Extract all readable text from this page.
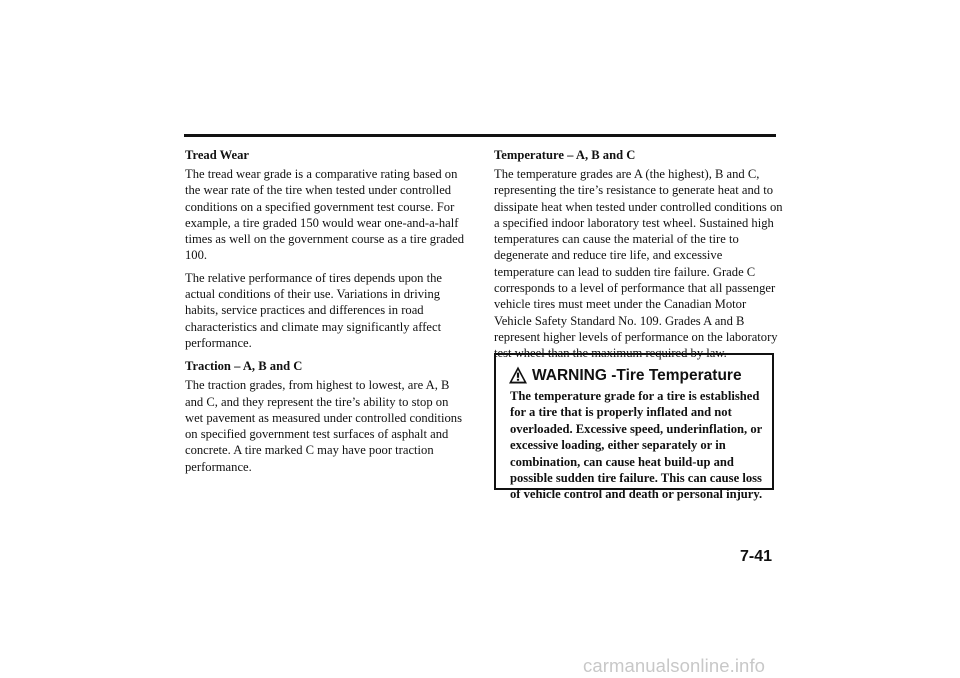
Tread Wear

The tread wear grade is a comparative rating based on the wear rate of the tire when tested under controlled conditions on a specified government test course. For example, a tire graded 150 would wear one-and-a-half times as well on the government course as a tire graded 100.

The relative performance of tires depends upon the actual conditions of their use. Variations in driving habits, service practices and differences in road characteristics and climate may significantly affect performance.

Traction – A, B and C

The traction grades, from highest to lowest, are A, B and C, and they represent the tire’s ability to stop on wet pavement as measured under controlled conditions on specified government test surfaces of asphalt and concrete. A tire marked C may have poor traction performance.

Temperature – A, B and C

The temperature grades are A (the highest), B and C, representing the tire’s resistance to generate heat and to dissipate heat when tested under controlled conditions on a specified indoor laboratory test wheel. Sustained high temperatures can cause the material of the tire to degenerate and reduce tire life, and excessive temperature can lead to sudden tire failure. Grade C corresponds to a level of performance that all passenger vehicle tires must meet under the Canadian Motor Vehicle Safety Standard No. 109. Grades A and B represent higher levels of performance on the laboratory test wheel than the maximum required by law.

WARNING -Tire Temperature
The temperature grade for a tire is established for a tire that is properly inflated and not overloaded. Excessive speed, underinflation, or excessive loading, either separately or in combination, can cause heat build-up and possible sudden tire failure. This can cause loss of vehicle control and death or personal injury.
7-41
carmanualsonline.info
